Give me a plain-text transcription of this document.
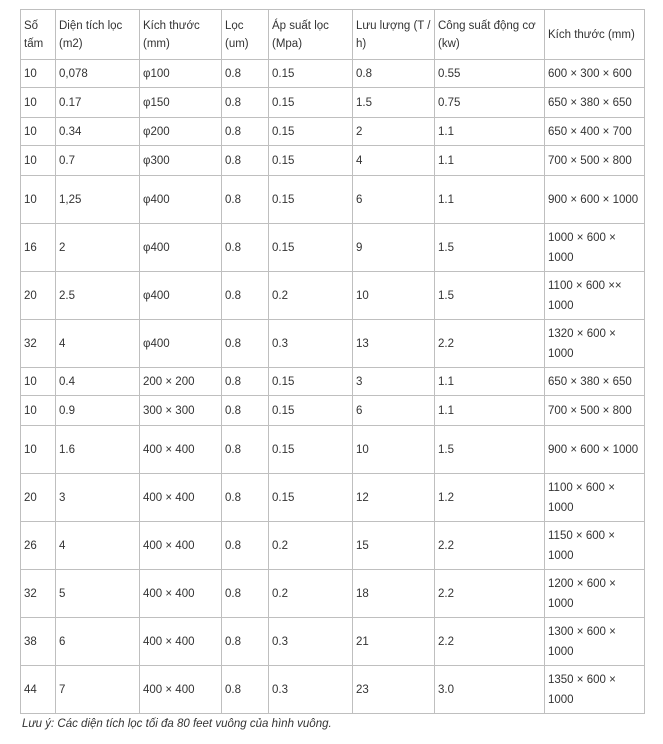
Số tấm	Diện tích lọc (m2)	Kích thước (mm)	Lọc (um)	Áp suất lọc (Mpa)	Lưu lượng (T / h)	Công suất động cơ (kw)	Kích thước (mm)
10	0,078	φ100	0.8	0.15	0.8	0.55	600 × 300 × 600
10	0.17	φ150	0.8	0.15	1.5	0.75	650 × 380 × 650
10	0.34	φ200	0.8	0.15	2	1.1	650 × 400 × 700
10	0.7	φ300	0.8	0.15	4	1.1	700 × 500 × 800
10	1,25	φ400	0.8	0.15	6	1.1	900 × 600 × 1000
16	2	φ400	0.8	0.15	9	1.5	1000 × 600 × 1000
20	2.5	φ400	0.8	0.2	10	1.5	1100 × 600 ×× 1000
32	4	φ400	0.8	0.3	13	2.2	1320 × 600 × 1000
10	0.4	200 × 200	0.8	0.15	3	1.1	650 × 380 × 650
10	0.9	300 × 300	0.8	0.15	6	1.1	700 × 500 × 800
10	1.6	400 × 400	0.8	0.15	10	1.5	900 × 600 × 1000
20	3	400 × 400	0.8	0.15	12	1.2	1100 × 600 × 1000
26	4	400 × 400	0.8	0.2	15	2.2	1150 × 600 × 1000
32	5	400 × 400	0.8	0.2	18	2.2	1200 × 600 × 1000
38	6	400 × 400	0.8	0.3	21	2.2	1300 × 600 × 1000
44	7	400 × 400	0.8	0.3	23	3.0	1350 × 600 × 1000
Lưu ý: Các diện tích lọc tối đa 80 feet vuông của hình vuông.
